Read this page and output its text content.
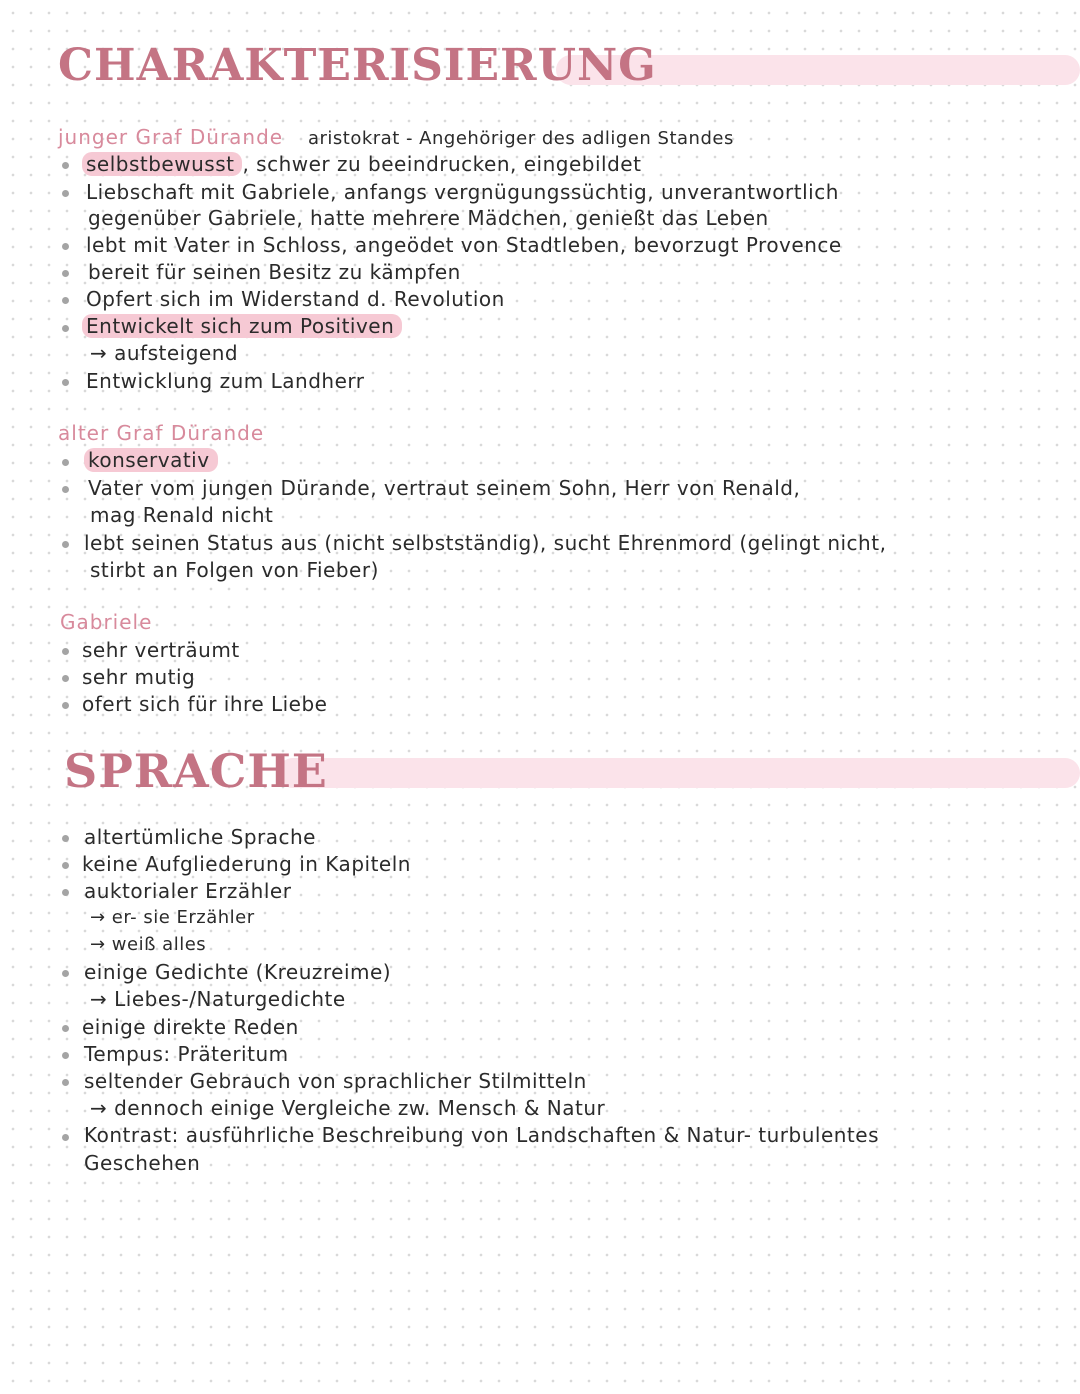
CHARAKTERISIERUNG
junger Graf Dürande aristokrat - Angehöriger des adligen Standes
selbstbewusst , schwer zu beeindrucken, eingebildet
Liebschaft mit Gabriele, anfangs vergnügungssüchtig, unverantwortlich
gegenüber Gabriele, hatte mehrere Mädchen, genießt das Leben
lebt mit Vater in Schloss, angeödet von Stadtleben, bevorzugt Provence
bereit für seinen Besitz zu kämpfen
Opfert sich im Widerstand d. Revolution
Entwickelt sich zum Positiven
→ aufsteigend
Entwicklung zum Landherr
alter Graf Dürande
konservativ
Vater vom jungen Dürande, vertraut seinem Sohn, Herr von Renald,
mag Renald nicht
lebt seinen Status aus (nicht selbstständig), sucht Ehrenmord (gelingt nicht,
stirbt an Folgen von Fieber)
Gabriele
sehr verträumt
sehr mutig
ofert sich für ihre Liebe
SPRACHE
altertümliche Sprache
keine Aufgliederung in Kapiteln
auktorialer Erzähler
→ er- sie Erzähler
→ weiß alles
einige Gedichte (Kreuzreime)
→ Liebes-/Naturgedichte
einige direkte Reden
Tempus: Präteritum
seltender Gebrauch von sprachlicher Stilmitteln
→ dennoch einige Vergleiche zw. Mensch & Natur
Kontrast: ausführliche Beschreibung von Landschaften & Natur- turbulentes
Geschehen
